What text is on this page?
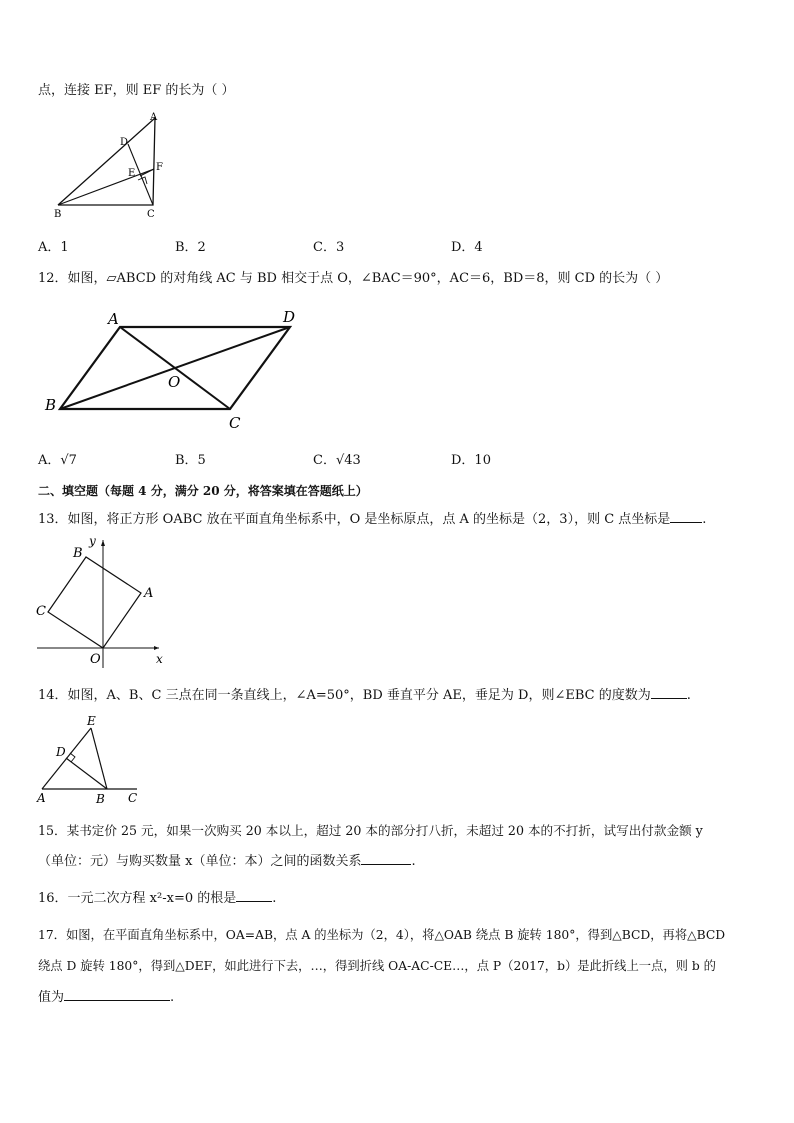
点，连接 EF，则 EF 的长为（ ）
A
B	C
D
E
F
A．1	B．2	C．3	D．4
12．如图，▱ABCD 的对角线 AC 与 BD 相交于点 O，∠BAC＝90°，AC＝6，BD＝8，则 CD 的长为（ ）
A	D
B
C
O
A．√7	B．5	C．√43	D．10
二、填空题（每题 4 分，满分 20 分，将答案填在答题纸上）
13．如图，将正方形 OABC 放在平面直角坐标系中，O 是坐标原点，点 A 的坐标是（2，3），则 C 点坐标是 .
B
y
A
C
O	x
14．如图，A、B、C 三点在同一条直线上，∠A=50°，BD 垂直平分 AE，垂足为 D，则∠EBC 的度数为	.
E
D
A	B C
15．某书定价 25 元，如果一次购买 20 本以上，超过 20 本的部分打八折，未超过 20 本的不打折，试写出付款金额 y
（单位：元）与购买数量 x（单位：本）之间的函数关系	.
16．一元二次方程 x²-x=0 的根是	.
17．如图，在平面直角坐标系中，OA=AB，点 A 的坐标为（2，4），将△OAB 绕点 B 旋转 180°，得到△BCD，再将△BCD
绕点 D 旋转 180°，得到△DEF，如此进行下去，…，得到折线 OA-AC-CE…，点 P（2017，b）是此折线上一点，则 b 的
值为	.
